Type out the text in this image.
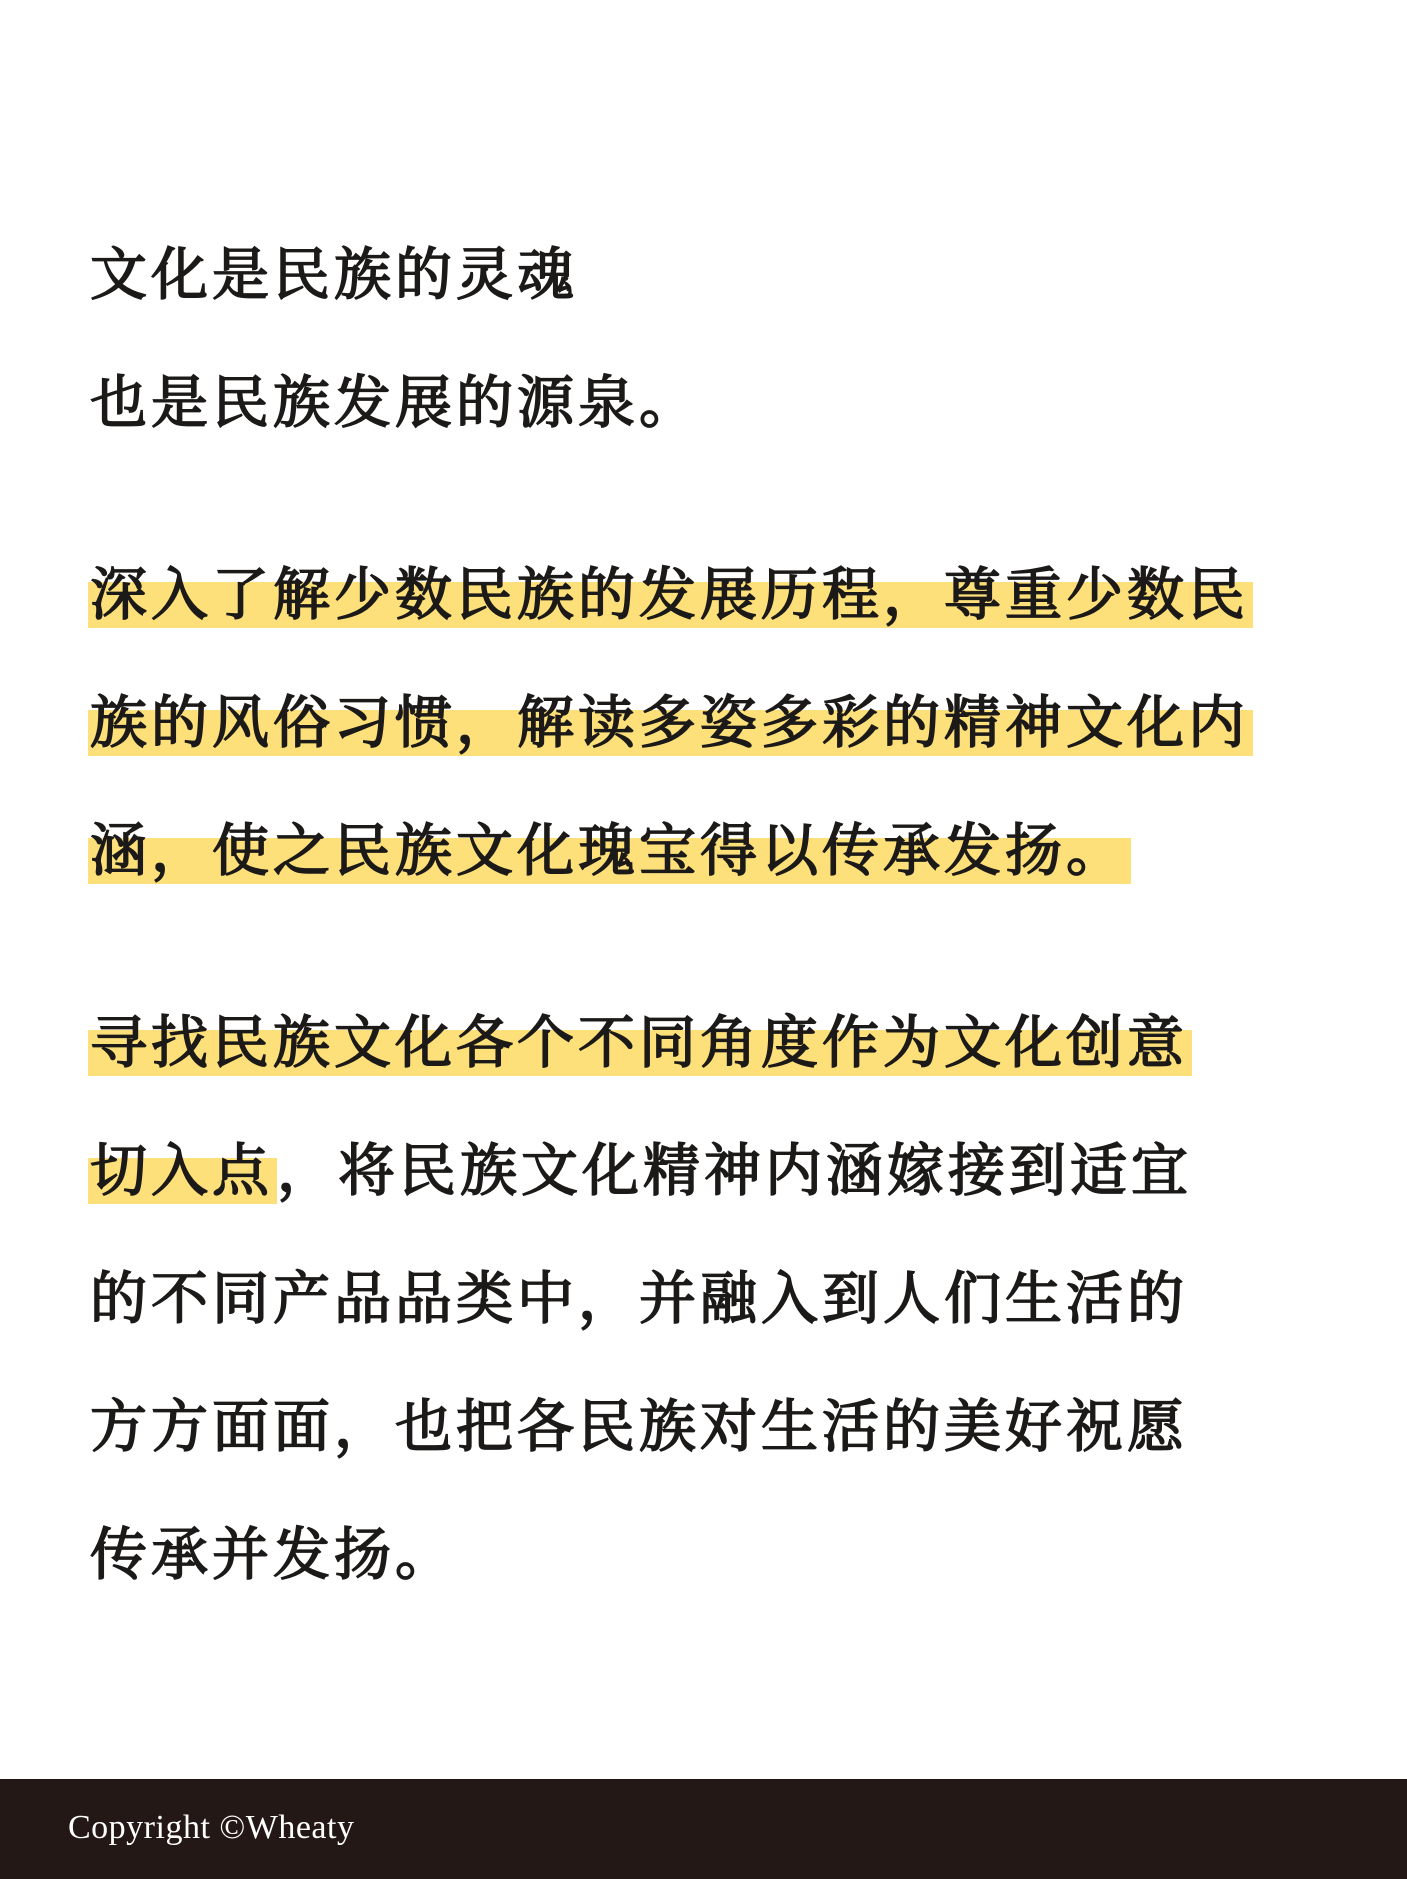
文化是民族的灵魂
也是民族发展的源泉。
深入了解少数民族的发展历程，尊重少数民
族的风俗习惯，解读多姿多彩的精神文化内
涵，使之民族文化瑰宝得以传承发扬。
寻找民族文化各个不同角度作为文化创意
切入点，将民族文化精神内涵嫁接到适宜
的不同产品品类中，并融入到人们生活的
方方面面，也把各民族对生活的美好祝愿
传承并发扬。
Copyright ©Wheaty
